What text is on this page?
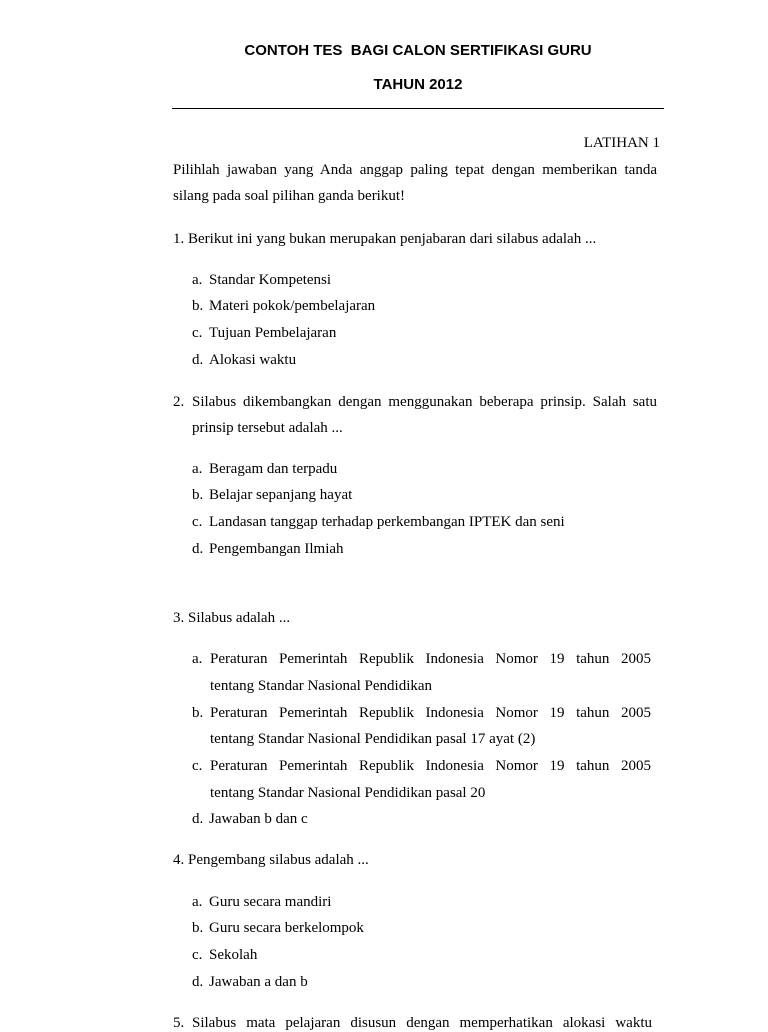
CONTOH TES  BAGI CALON SERTIFIKASI GURU
TAHUN 2012
LATIHAN 1
Pilihlah jawaban yang Anda anggap paling tepat dengan memberikan tanda
silang pada soal pilihan ganda berikut!
1. Berikut ini yang bukan merupakan penjabaran dari silabus adalah ...
a. Standar Kompetensi
b. Materi pokok/pembelajaran
c. Tujuan Pembelajaran
d. Alokasi waktu
2. Silabus dikembangkan dengan menggunakan beberapa prinsip. Salah satu
prinsip tersebut adalah ...
a. Beragam dan terpadu
b. Belajar sepanjang hayat
c. Landasan tanggap terhadap perkembangan IPTEK dan seni
d. Pengembangan Ilmiah
3. Silabus adalah ...
a. Peraturan Pemerintah Republik Indonesia Nomor 19 tahun 2005
tentang Standar Nasional Pendidikan
b. Peraturan Pemerintah Republik Indonesia Nomor 19 tahun 2005
tentang Standar Nasional Pendidikan pasal 17 ayat (2)
c. Peraturan Pemerintah Republik Indonesia Nomor 19 tahun 2005
tentang Standar Nasional Pendidikan pasal 20
d. Jawaban b dan c
4. Pengembang silabus adalah ...
a. Guru secara mandiri
b. Guru secara berkelompok
c. Sekolah
d. Jawaban a dan b
5. Silabus mata pelajaran disusun dengan memperhatikan alokasi waktu
